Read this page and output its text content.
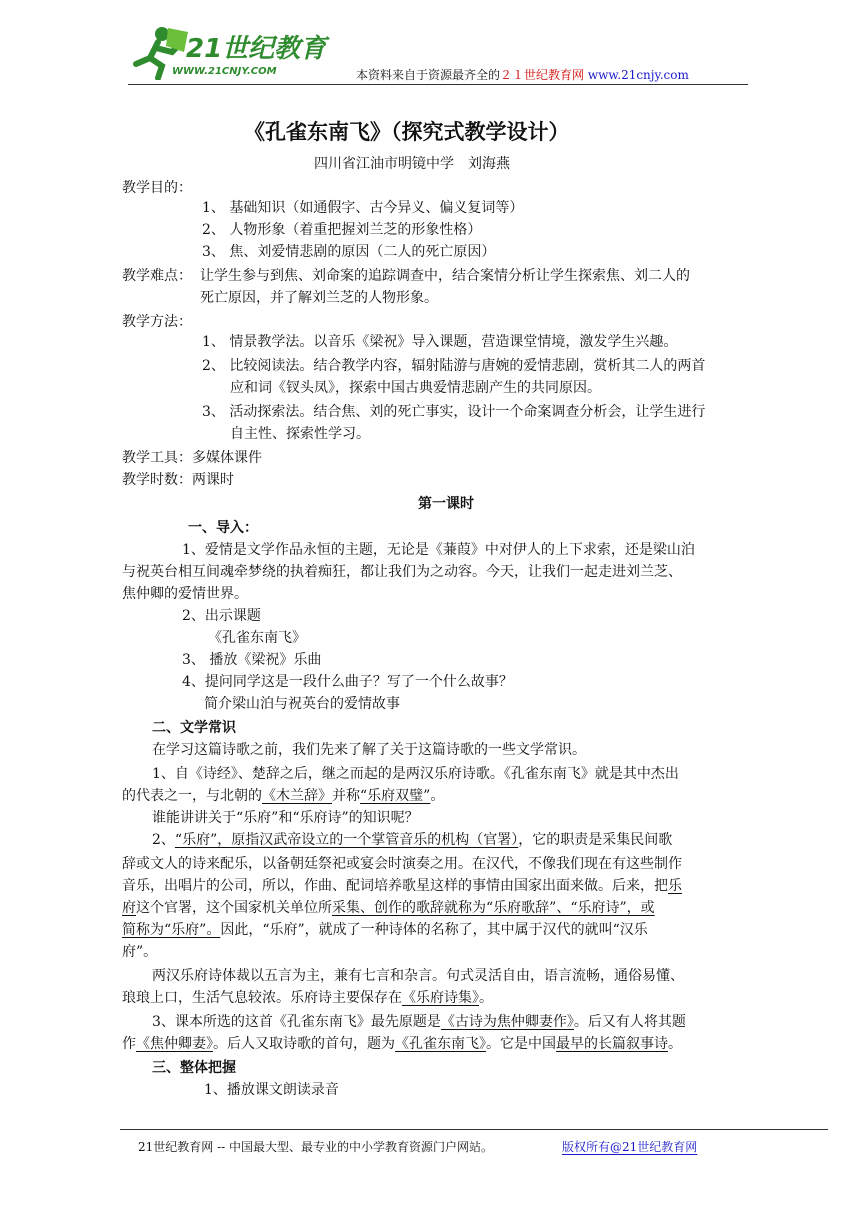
21世纪教育
WWW.21CNJY.COM	本资料来自于资源最齐全的２１世纪教育网 www.21cnjy.com
《孔雀东南飞》（探究式教学设计）
四川省江油市明镜中学　刘海燕
教学目的：
1、 基础知识（如通假字、古今异义、偏义复词等）
2、 人物形象（着重把握刘兰芝的形象性格）
3、 焦、刘爱情悲剧的原因（二人的死亡原因）
教学难点： 让学生参与到焦、刘命案的追踪调查中，结合案情分析让学生探索焦、刘二人的
死亡原因，并了解刘兰芝的人物形象。
教学方法：
1、 情景教学法。以音乐《梁祝》导入课题，营造课堂情境，激发学生兴趣。
2、 比较阅读法。结合教学内容，辐射陆游与唐婉的爱情悲剧，赏析其二人的两首
应和词《钗头凤》，探索中国古典爱情悲剧产生的共同原因。
3、 活动探索法。结合焦、刘的死亡事实，设计一个命案调查分析会，让学生进行
自主性、探索性学习。
教学工具：多媒体课件
教学时数：两课时
第一课时
一、导入：
1、爱情是文学作品永恒的主题，无论是《蒹葭》中对伊人的上下求索，还是梁山泊
与祝英台相互间魂牵梦绕的执着痴狂，都让我们为之动容。今天，让我们一起走进刘兰芝、
焦仲卿的爱情世界。
2、出示课题
《孔雀东南飞》
3、 播放《梁祝》乐曲
4、提问同学这是一段什么曲子？写了一个什么故事？
简介梁山泊与祝英台的爱情故事
二、文学常识
在学习这篇诗歌之前，我们先来了解了关于这篇诗歌的一些文学常识。
1、自《诗经》、楚辞之后，继之而起的是两汉乐府诗歌。《孔雀东南飞》就是其中杰出
的代表之一，与北朝的《木兰辞》并称“乐府双璧”。
谁能讲讲关于“乐府”和“乐府诗”的知识呢？
2、“乐府”，原指汉武帝设立的一个掌管音乐的机构（官署），它的职责是采集民间歌
辞或文人的诗来配乐，以备朝廷祭祀或宴会时演奏之用。在汉代，不像我们现在有这些制作
音乐，出唱片的公司，所以，作曲、配词培养歌星这样的事情由国家出面来做。后来，把乐
府这个官署，这个国家机关单位所采集、创作的歌辞就称为“乐府歌辞”、“乐府诗”，或
简称为“乐府”。因此，“乐府”，就成了一种诗体的名称了，其中属于汉代的就叫“汉乐
府”。
两汉乐府诗体裁以五言为主，兼有七言和杂言。句式灵活自由，语言流畅，通俗易懂、
琅琅上口，生活气息较浓。乐府诗主要保存在《乐府诗集》。
3、课本所选的这首《孔雀东南飞》最先原题是《古诗为焦仲卿妻作》。后又有人将其题
作《焦仲卿妻》。后人又取诗歌的首句，题为《孔雀东南飞》。它是中国最早的长篇叙事诗。
三、整体把握
1、播放课文朗读录音
21世纪教育网 -- 中国最大型、最专业的中小学教育资源门户网站。	版权所有@21世纪教育网
